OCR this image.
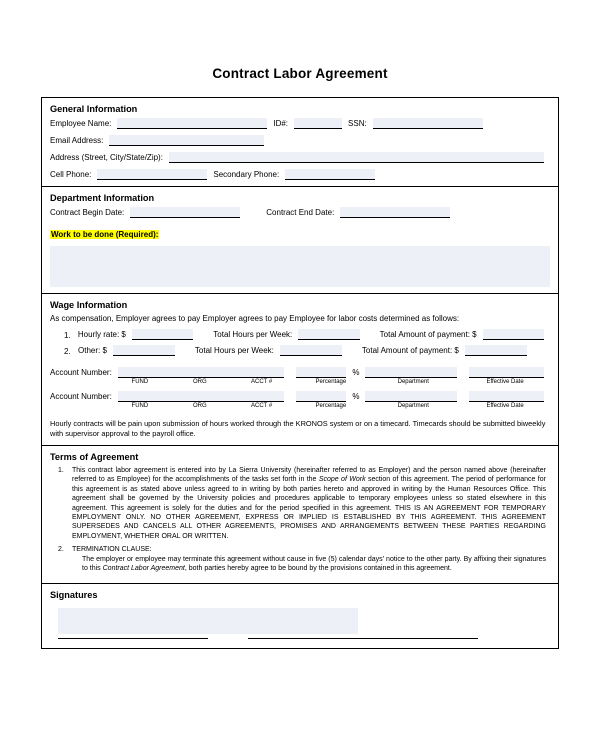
Contract Labor Agreement
General Information
Employee Name:	ID#:	SSN:
Email Address:
Address (Street, City/State/Zip):
Cell Phone:	Secondary Phone:
Department Information
Contract Begin Date:	Contract End Date:
Work to be done (Required):
Wage Information
As compensation, Employer agrees to pay Employer agrees to pay Employee for labor costs determined as follows:
1. Hourly rate: $	Total Hours per Week:	Total Amount of payment: $
2. Other: $	Total Hours per Week:	Total Amount of payment: $
Account Number:	%
FUND	ORG	ACCT #	Percentage	Department	Effective Date
Account Number:	%
FUND	ORG	ACCT #	Percentage	Department	Effective Date
Hourly contracts will be pain upon submission of hours worked through the KRONOS system or on a timecard. Timecards should be submitted biweekly with supervisor approval to the payroll office.
Terms of Agreement
1.	This contract labor agreement is entered into by La Sierra University (hereinafter referred to as Employer) and the person named above (hereinafter referred to as Employee) for the accomplishments of the tasks set forth in the Scope of Work section of this agreement. The period of performance for this agreement is as stated above unless agreed to in writing by both parties hereto and approved in writing by the Human Resources Office. This agreement shall be governed by the University policies and procedures applicable to temporary employees unless so stated elsewhere in this agreement. This agreement is solely for the duties and for the period specified in this agreement. THIS IS AN AGREEMENT FOR TEMPORARY EMPLOYMENT ONLY. NO OTHER AGREEMENT, EXPRESS OR IMPLIED IS ESTABLISHED BY THIS AGREEMENT. THIS AGREEMENT SUPERSEDES AND CANCELS ALL OTHER AGREEMENTS, PROMISES AND ARRANGEMENTS BETWEEN THESE PARTIES REGARDING EMPLOYMENT, WHETHER ORAL OR WRITTEN.
2.	TERMINATION CLAUSE:
The employer or employee may terminate this agreement without cause in five (5) calendar days' notice to the other party. By affixing their signatures to this Contract Labor Agreement, both parties hereby agree to be bound by the provisions contained in this agreement.
Signatures
